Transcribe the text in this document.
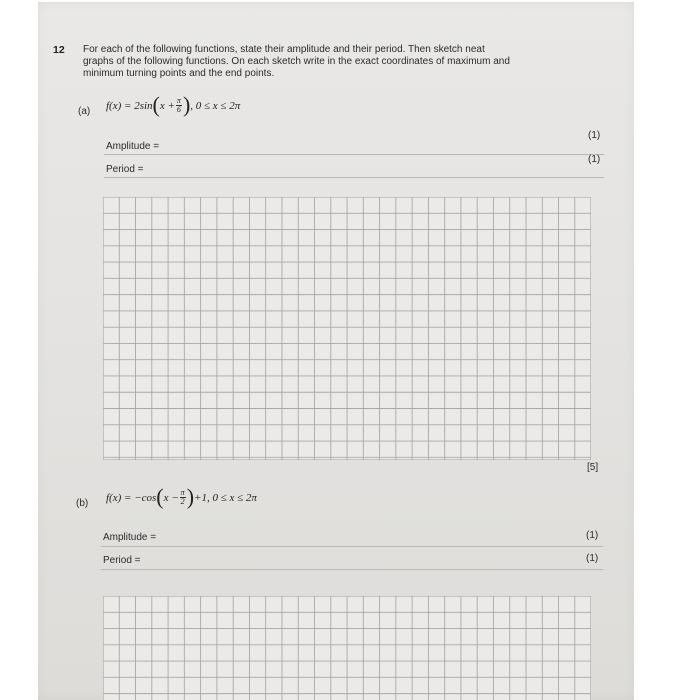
12 For each of the following functions, state their amplitude and their period. Then sketch neat
graphs of the following functions. On each sketch write in the exact coordinates of maximum and
minimum turning points and the end points.
(a) $f(x) = 2\sin(x + \frac{\pi}{6}$ ), 0 ≤ x ≤ 2π
Amplitude =
(1)
Period =
(1)
[5]
(b) $f(x) = -\cos(x - \frac{\pi}{2} )+1$, 0 ≤ x ≤ 2π
Amplitude =	(1)
Period =	(1)
